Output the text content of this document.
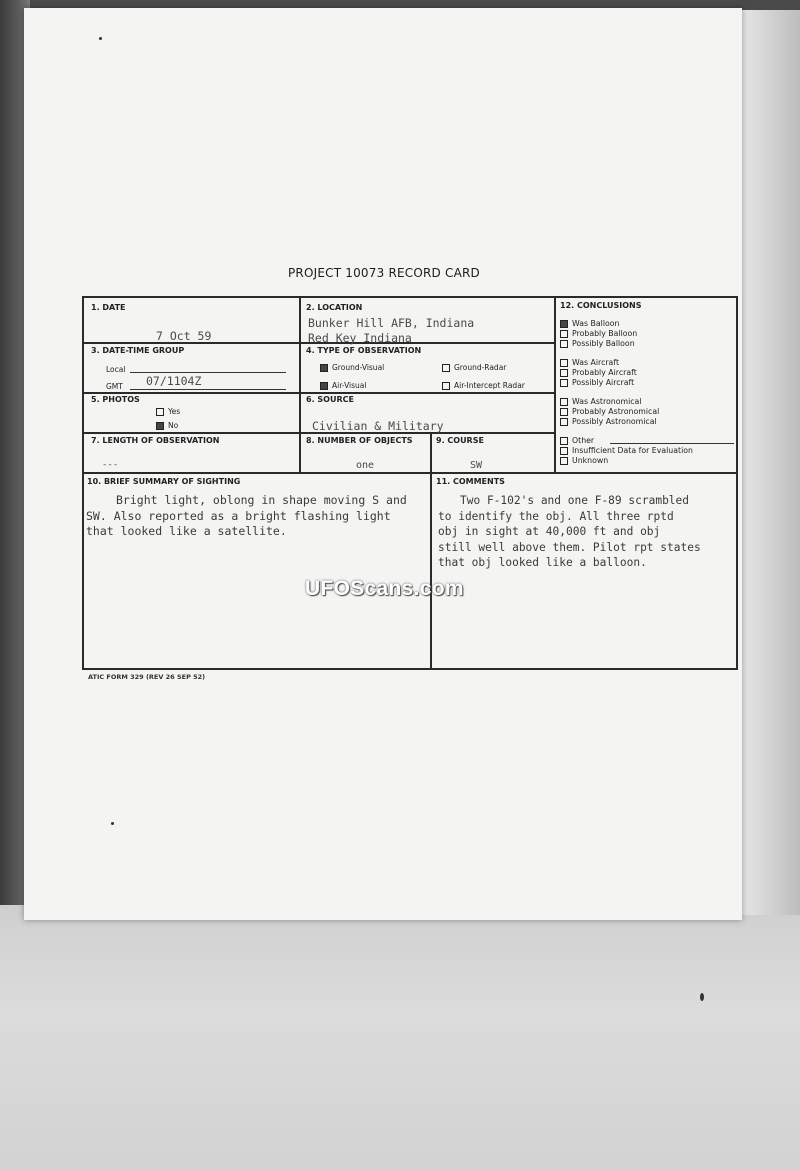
PROJECT 10073 RECORD CARD
1. DATE
7 Oct 59
2. LOCATION
Bunker Hill AFB, Indiana
Red Key Indiana
3. DATE-TIME GROUP
Local
GMT 07/1104Z
4. TYPE OF OBSERVATION
Ground-Visual	Ground-Radar
Air-Visual	Air-Intercept Radar
5. PHOTOS
Yes
No
6. SOURCE
Civilian & Military
7. LENGTH OF OBSERVATION
---
8. NUMBER OF OBJECTS
one
9. COURSE
SW
12. CONCLUSIONS
Was Balloon
Probably Balloon
Possibly Balloon
Was Aircraft
Probably Aircraft
Possibly Aircraft
Was Astronomical
Probably Astronomical
Possibly Astronomical
Other
Insufficient Data for Evaluation
Unknown
10. BRIEF SUMMARY OF SIGHTING
Bright light, oblong in shape moving S and
SW. Also reported as a bright flashing light
that looked like a satellite.
11. COMMENTS
Two F-102's and one F-89 scrambled
to identify the obj. All three rptd
obj in sight at 40,000 ft and obj
still well above them. Pilot rpt states
that obj looked like a balloon.
UFOScans.com
ATIC FORM 329 (REV 26 SEP 52)
